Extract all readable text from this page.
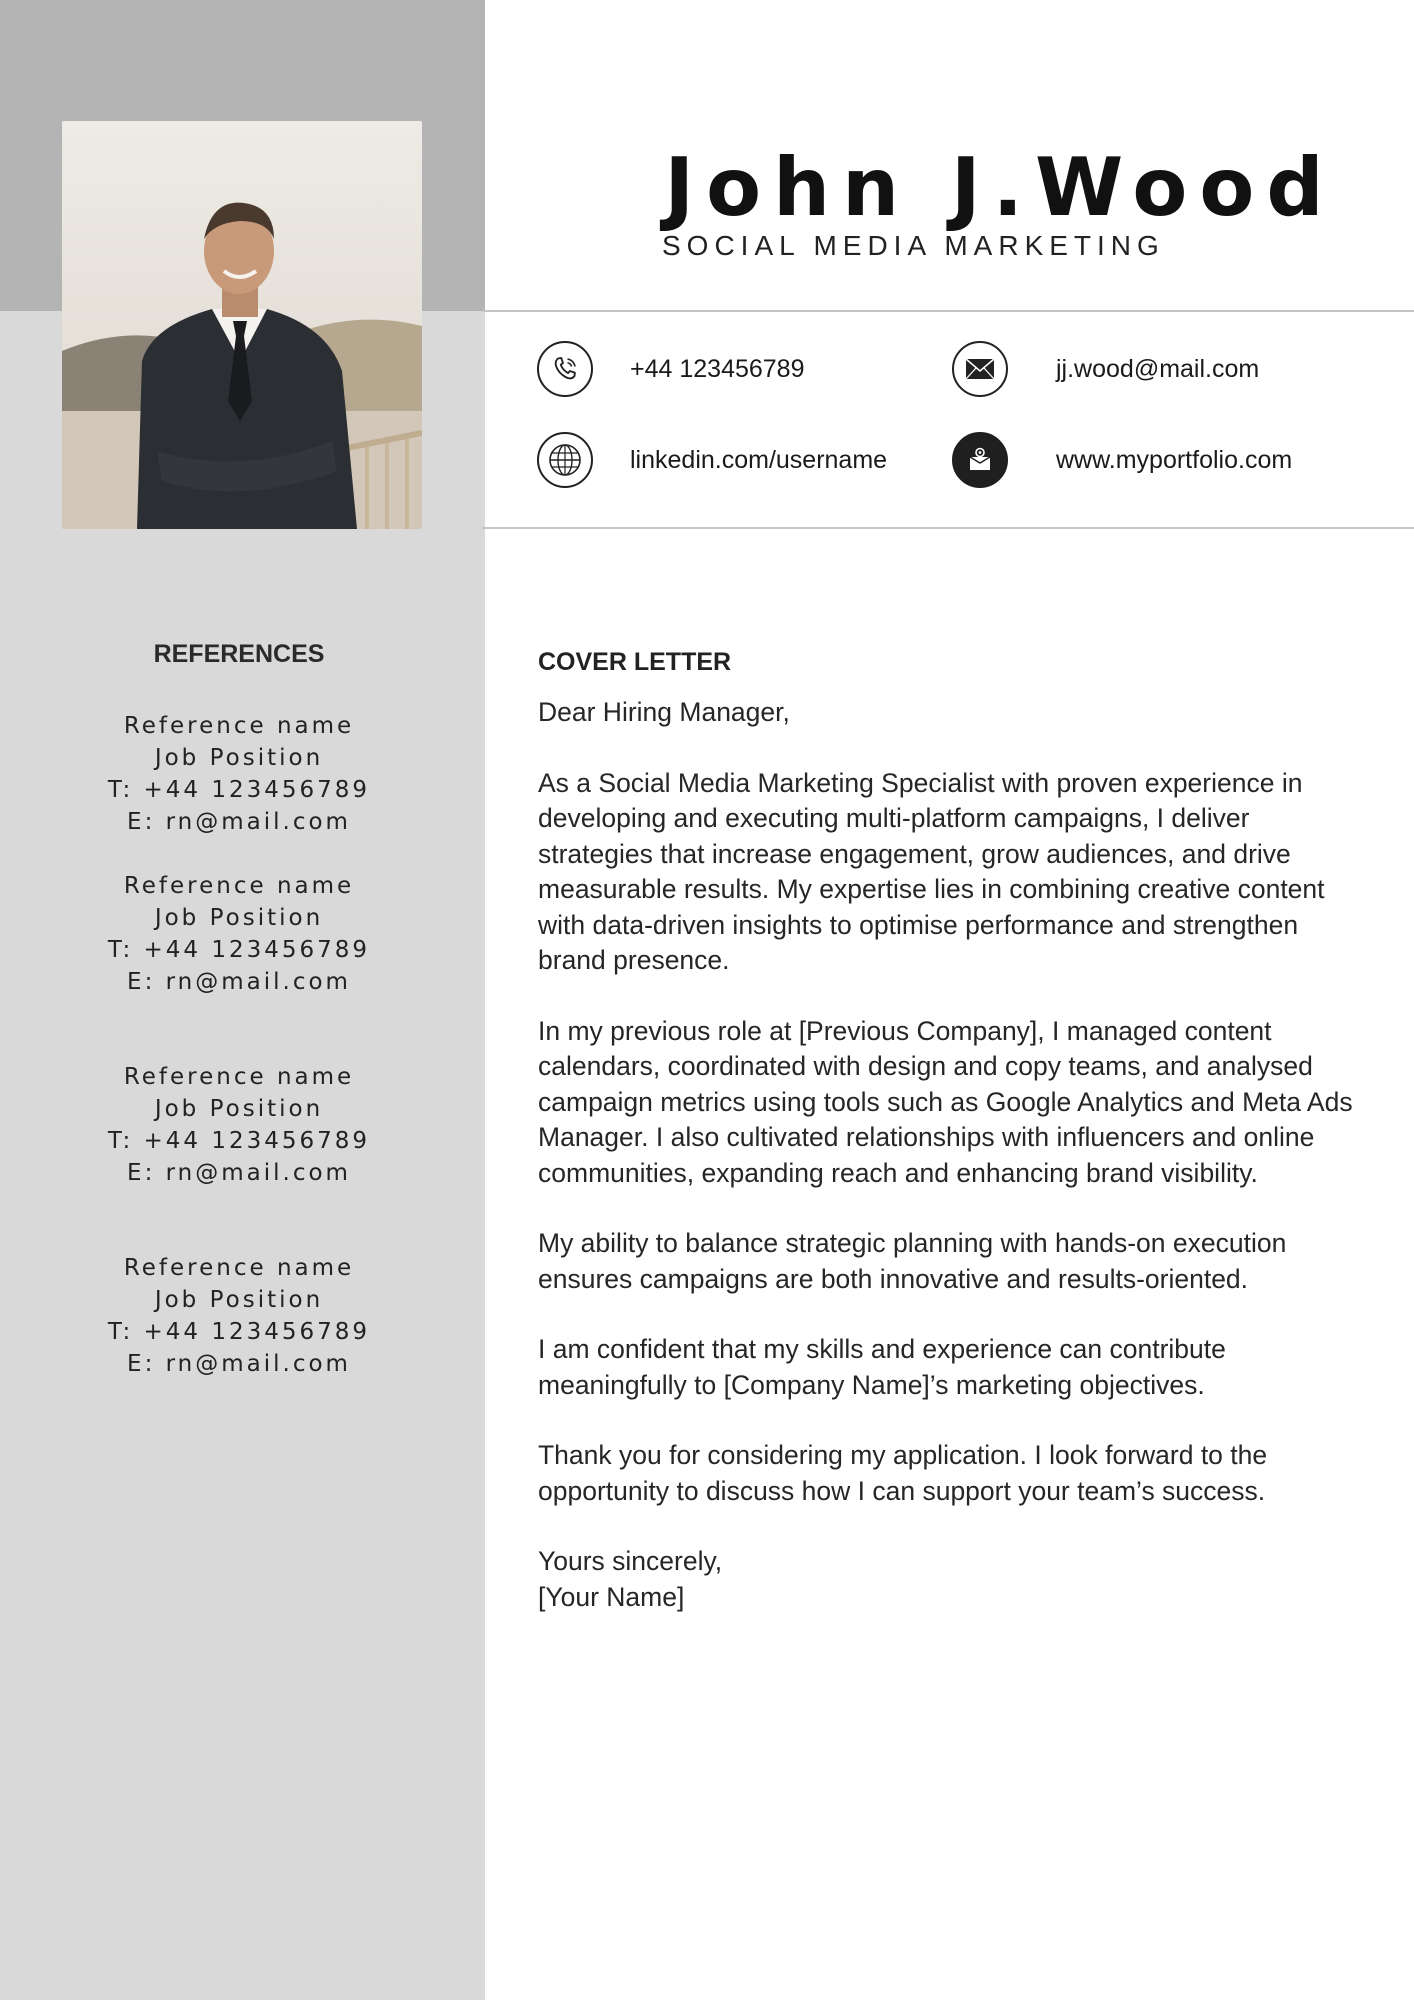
John J.Wood
SOCIAL MEDIA MARKETING
+44 123456789	jj.wood@mail.com
linkedin.com/username	www.myportfolio.com
REFERENCES
Reference name
Job Position
T: +44 123456789
E: rn@mail.com
Reference name
Job Position
T: +44 123456789
E: rn@mail.com
Reference name
Job Position
T: +44 123456789
E: rn@mail.com
Reference name
Job Position
T: +44 123456789
E: rn@mail.com
COVER LETTER

Dear Hiring Manager,

As a Social Media Marketing Specialist with proven experience in developing and executing multi-platform campaigns, I deliver strategies that increase engagement, grow audiences, and drive measurable results. My expertise lies in combining creative content with data-driven insights to optimise performance and strengthen brand presence.

In my previous role at [Previous Company], I managed content calendars, coordinated with design and copy teams, and analysed campaign metrics using tools such as Google Analytics and Meta Ads Manager. I also cultivated relationships with influencers and online communities, expanding reach and enhancing brand visibility.

My ability to balance strategic planning with hands-on execution ensures campaigns are both innovative and results-oriented.

I am confident that my skills and experience can contribute meaningfully to [Company Name]’s marketing objectives.

Thank you for considering my application. I look forward to the opportunity to discuss how I can support your team’s success.

Yours sincerely,

[Your Name]
